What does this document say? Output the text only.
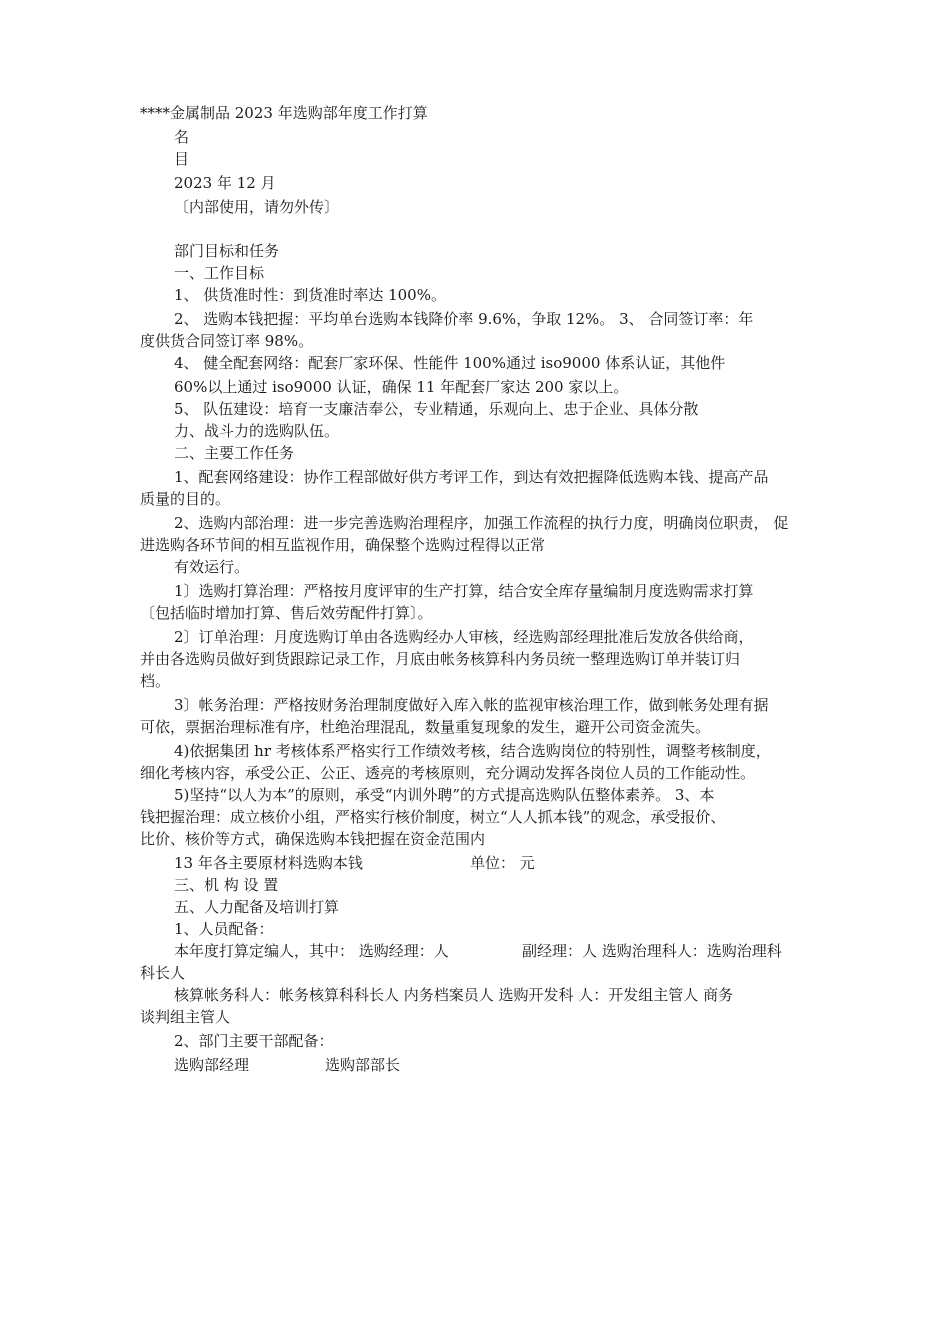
****金属制品 2023 年选购部年度工作打算

名

目

2023 年 12 月

〔内部使用，请勿外传〕

部门目标和任务

一、工作目标

1、 供货准时性：到货准时率达 100%。

2、 选购本钱把握：平均单台选购本钱降价率 9.6%，争取 12%。 3、 合同签订率：年

度供货合同签订率 98%。

4、 健全配套网络：配套厂家环保、性能件 100%通过 iso9000 体系认证，其他件

60%以上通过 iso9000 认证，确保 11 年配套厂家达 200 家以上。

5、 队伍建设：培育一支廉洁奉公，专业精通，乐观向上、忠于企业、具体分散

力、战斗力的选购队伍。

二、主要工作任务

1、配套网络建设：协作工程部做好供方考评工作，到达有效把握降低选购本钱、提高产品

质量的目的。

2、选购内部治理：进一步完善选购治理程序，加强工作流程的执行力度，明确岗位职责， 促

进选购各环节间的相互监视作用，确保整个选购过程得以正常

有效运行。

1〕选购打算治理：严格按月度评审的生产打算，结合安全库存量编制月度选购需求打算

〔包括临时增加打算、售后效劳配件打算〕。

2〕订单治理：月度选购订单由各选购经办人审核，经选购部经理批准后发放各供给商，

并由各选购员做好到货跟踪记录工作，月底由帐务核算科内务员统一整理选购订单并装订归

档。

3〕帐务治理：严格按财务治理制度做好入库入帐的监视审核治理工作，做到帐务处理有据

可依，票据治理标准有序，杜绝治理混乱，数量重复现象的发生，避开公司资金流失。

4)依据集团 hr 考核体系严格实行工作绩效考核，结合选购岗位的特别性，调整考核制度，

细化考核内容，承受公正、公正、透亮的考核原则，充分调动发挥各岗位人员的工作能动性。

5)坚持“以人为本”的原则，承受“内训外聘”的方式提高选购队伍整体素养。 3、本

钱把握治理：成立核价小组，严格实行核价制度，树立“人人抓本钱”的观念，承受报价、

比价、核价等方式，确保选购本钱把握在资金范围内

13 年各主要原材料选购本钱	单位： 元

三、机 构 设 置

五、人力配备及培训打算

1、人员配备：

本年度打算定编人，其中： 选购经理：人	副经理：人 选购治理科人：选购治理科

科长人

核算帐务科人：帐务核算科科长人 内务档案员人 选购开发科 人：开发组主管人 商务

谈判组主管人

2、部门主要干部配备：

选购部经理	选购部部长
